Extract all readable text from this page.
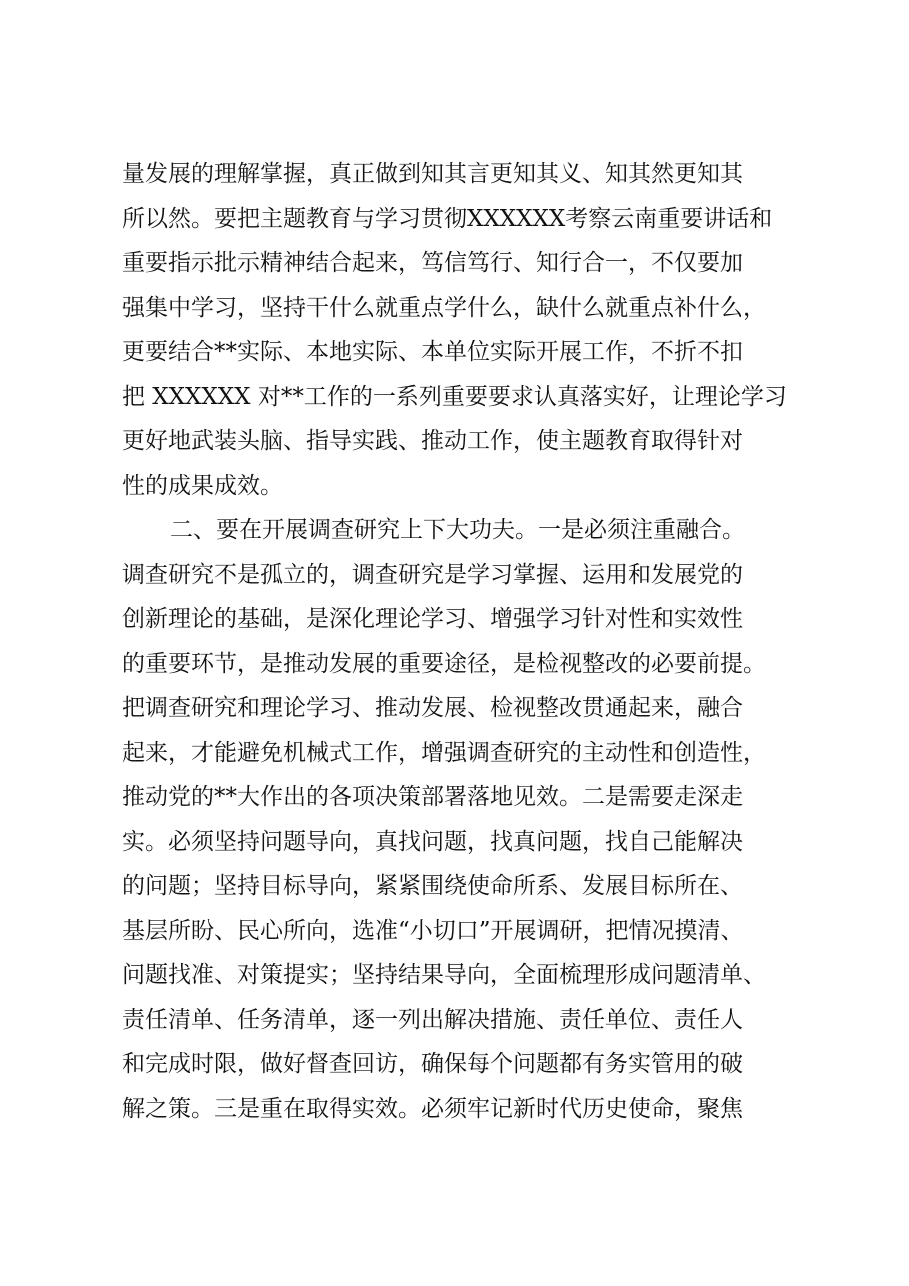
量发展的理解掌握，真正做到知其言更知其义、知其然更知其
所以然。要把主题教育与学习贯彻XXXXXX考察云南重要讲话和
重要指示批示精神结合起来，笃信笃行、知行合一，不仅要加
强集中学习，坚持干什么就重点学什么，缺什么就重点补什么，
更要结合**实际、本地实际、本单位实际开展工作，不折不扣
把 XXXXXX 对**工作的一系列重要要求认真落实好，让理论学习
更好地武装头脑、指导实践、推动工作，使主题教育取得针对
性的成果成效。
二、要在开展调查研究上下大功夫。一是必须注重融合。
调查研究不是孤立的，调查研究是学习掌握、运用和发展党的
创新理论的基础，是深化理论学习、增强学习针对性和实效性
的重要环节，是推动发展的重要途径，是检视整改的必要前提。
把调查研究和理论学习、推动发展、检视整改贯通起来，融合
起来，才能避免机械式工作，增强调查研究的主动性和创造性，
推动党的**大作出的各项决策部署落地见效。二是需要走深走
实。必须坚持问题导向，真找问题，找真问题，找自己能解决
的问题；坚持目标导向，紧紧围绕使命所系、发展目标所在、
基层所盼、民心所向，选准“小切口”开展调研，把情况摸清、
问题找准、对策提实；坚持结果导向，全面梳理形成问题清单、
责任清单、任务清单，逐一列出解决措施、责任单位、责任人
和完成时限，做好督查回访，确保每个问题都有务实管用的破
解之策。三是重在取得实效。必须牢记新时代历史使命，聚焦
